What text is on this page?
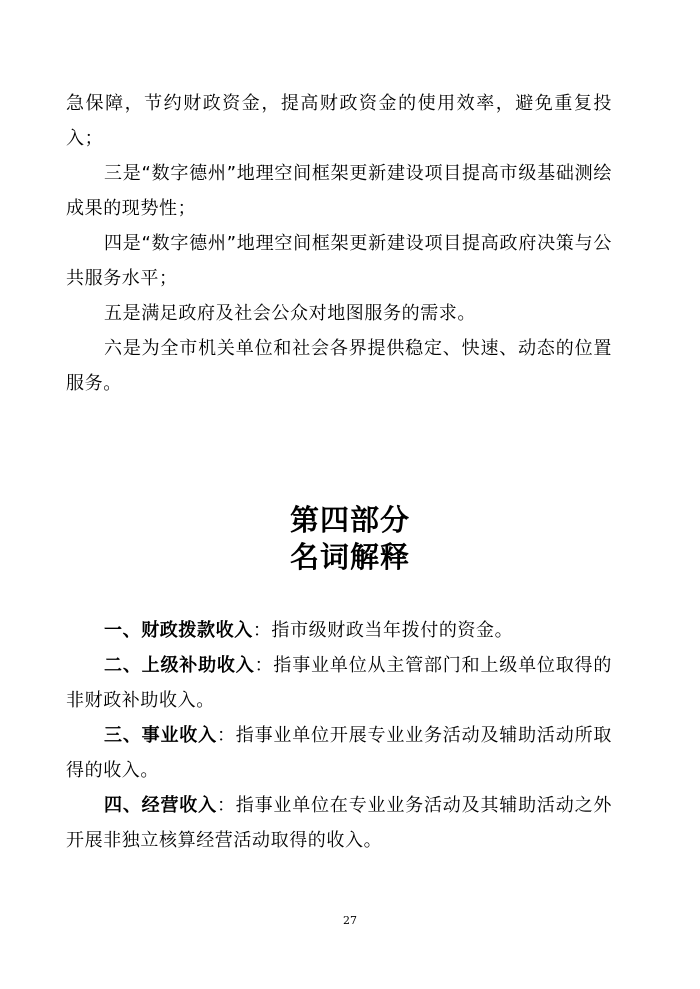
急保障，节约财政资金，提高财政资金的使用效率，避免重复投入；

三是“数字德州”地理空间框架更新建设项目提高市级基础测绘成果的现势性；

四是“数字德州”地理空间框架更新建设项目提高政府决策与公共服务水平；

五是满足政府及社会公众对地图服务的需求。

六是为全市机关单位和社会各界提供稳定、快速、动态的位置服务。

第四部分
名词解释

一、财政拨款收入：指市级财政当年拨付的资金。

二、上级补助收入：指事业单位从主管部门和上级单位取得的非财政补助收入。

三、事业收入：指事业单位开展专业业务活动及辅助活动所取得的收入。

四、经营收入：指事业单位在专业业务活动及其辅助活动之外开展非独立核算经营活动取得的收入。

27
